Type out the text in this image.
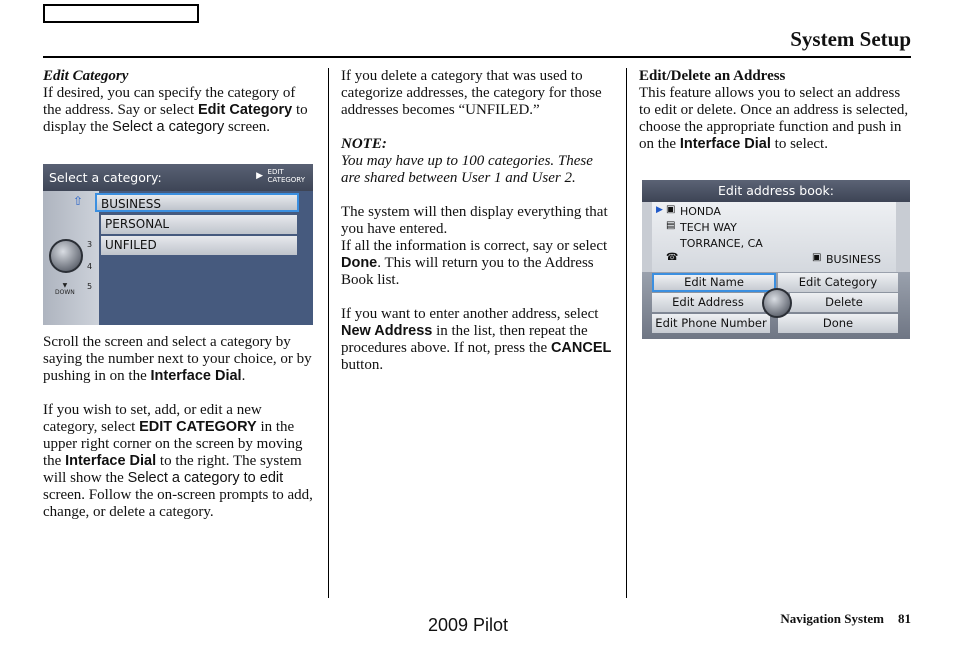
System Setup

Edit Category

If desired, you can specify the category of the address. Say or select Edit Category to display the Select a category screen.

Select a category:	▶ EDIT
CATEGORY
⇧
3
4
5
▼
DOWN
BUSINESS
PERSONAL
UNFILED

Scroll the screen and select a category by saying the number next to your choice, or by pushing in on the Interface Dial.

If you wish to set, add, or edit a new category, select EDIT CATEGORY in the upper right corner on the screen by moving the Interface Dial to the right. The system will show the Select a category to edit screen. Follow the on-screen prompts to add, change, or delete a category.

If you delete a category that was used to categorize addresses, the category for those addresses becomes “UNFILED.”

NOTE:

You may have up to 100 categories. These are shared between User 1 and User 2.

The system will then display everything that you have entered.

If all the information is correct, say or select Done. This will return you to the Address Book list.

If you want to enter another address, select New Address in the list, then repeat the procedures above. If not, press the CANCEL button.

Edit/Delete an Address

This feature allows you to select an address to edit or delete. Once an address is selected, choose the appropriate function and push in on the Interface Dial to select.

Edit address book:
▶ ▣ HONDA
▤ TECH WAY
TORRANCE, CA
☎	▣ BUSINESS
Edit Name	Edit Category
Edit Address	Delete
Edit Phone Number	Done
2009 Pilot	Navigation System 81
